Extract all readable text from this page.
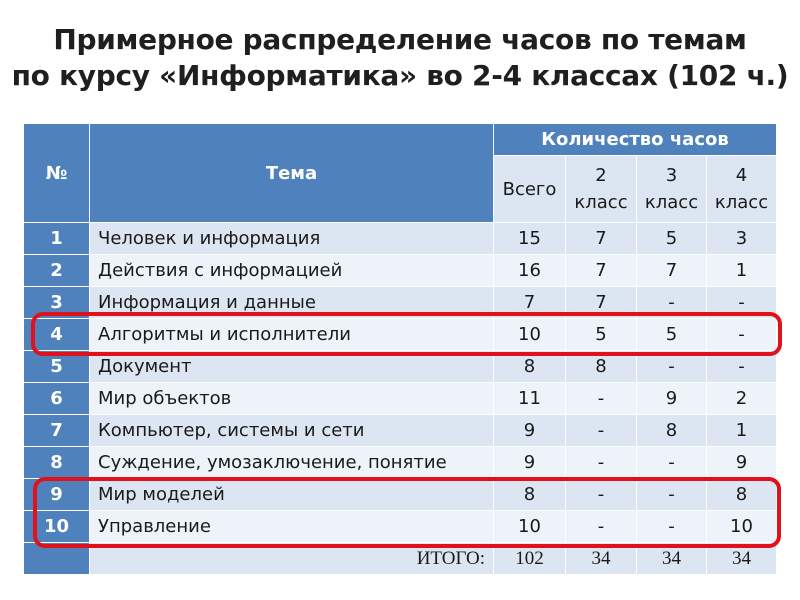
Примерное распределение часов по темам
по курсу «Информатика» во 2-4 классах (102 ч.)
№	Тема	Количество часов			
		Всего	2 класс	3 класс	4 класс
1	Человек и информация	15	7	5	3
2	Действия с информацией	16	7	7	1
3	Информация и данные	7	7	-	-
4	Алгоритмы и исполнители	10	5	5	-
5	Документ	8	8	-	-
6	Мир объектов	11	-	9	2
7	Компьютер, системы и сети	9	-	8	1
8	Суждение, умозаключение, понятие	9	-	-	9
9	Мир моделей	8	-	-	8
10	Управление	10	-	-	10
	ИТОГО:	102	34	34	34
